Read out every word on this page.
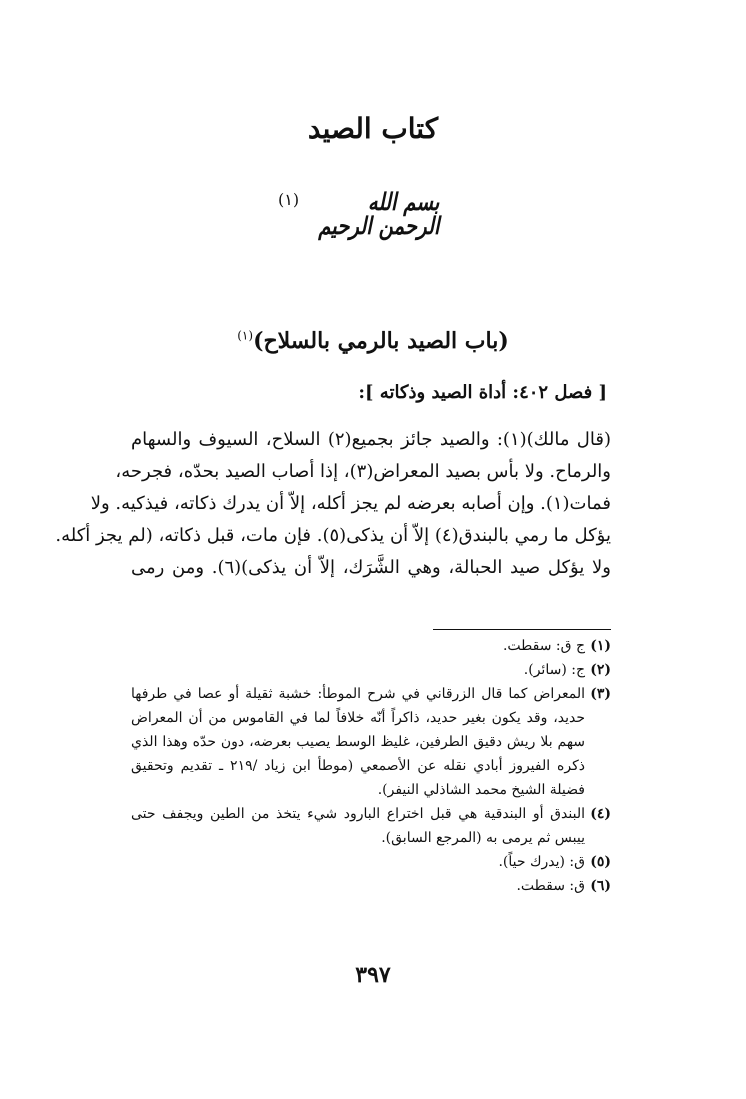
كتاب الصيد
بسم الله الرحمن الرحيم
(١)
(باب الصيد بالرمي بالسلاح)$^{(١)}$
[ فصل ٤٠٢: أداة الصيد وذكاته ]:
(قال مالك)(١): والصيد جائز بجميع(٢) السلاح، السيوف والسهام
والرماح. ولا بأس بصيد المعراض(٣)، إذا أصاب الصيد بحدّه، فجرحه،
فمات(١). وإن أصابه بعرضه لم يجز أكله، إلاّ أن يدرك ذكاته، فيذكيه. ولا
يؤكل ما رمي بالبندق(٤) إلاّ أن يذكى(٥). فإن مات، قبل ذكاته، (لم يجز أكله.
ولا يؤكل صيد الحبالة، وهي الشَّرَك، إلاّ أن يذكى)(٦). ومن رمى

(١)
ج ق: سقطت.

(٢)
ج: (سائر).

(٣)
المعراض كما قال الزرقاني في شرح الموطأ: خشبة ثقيلة أو عصا في طرفها حديد، وقد يكون بغير حديد، ذاكراً أنّه خلافاً لما في القاموس من أن المعراض سهم بلا ريش دقيق الطرفين، غليظ الوسط يصيب بعرضه، دون حدّه وهذا الذي ذكره الفيروز أبادي نقله عن الأصمعي (موطأ ابن زياد /٢١٩ ـ تقديم وتحقيق فضيلة الشيخ محمد الشاذلي النيفر).

(٤)
البندق أو البندقية هي قبل اختراع البارود شيء يتخذ من الطين ويجفف حتى ييبس ثم يرمى به (المرجع السابق).

(٥)
ق: (يدرك حياً).

(٦)
ق: سقطت.

٣٩٧
